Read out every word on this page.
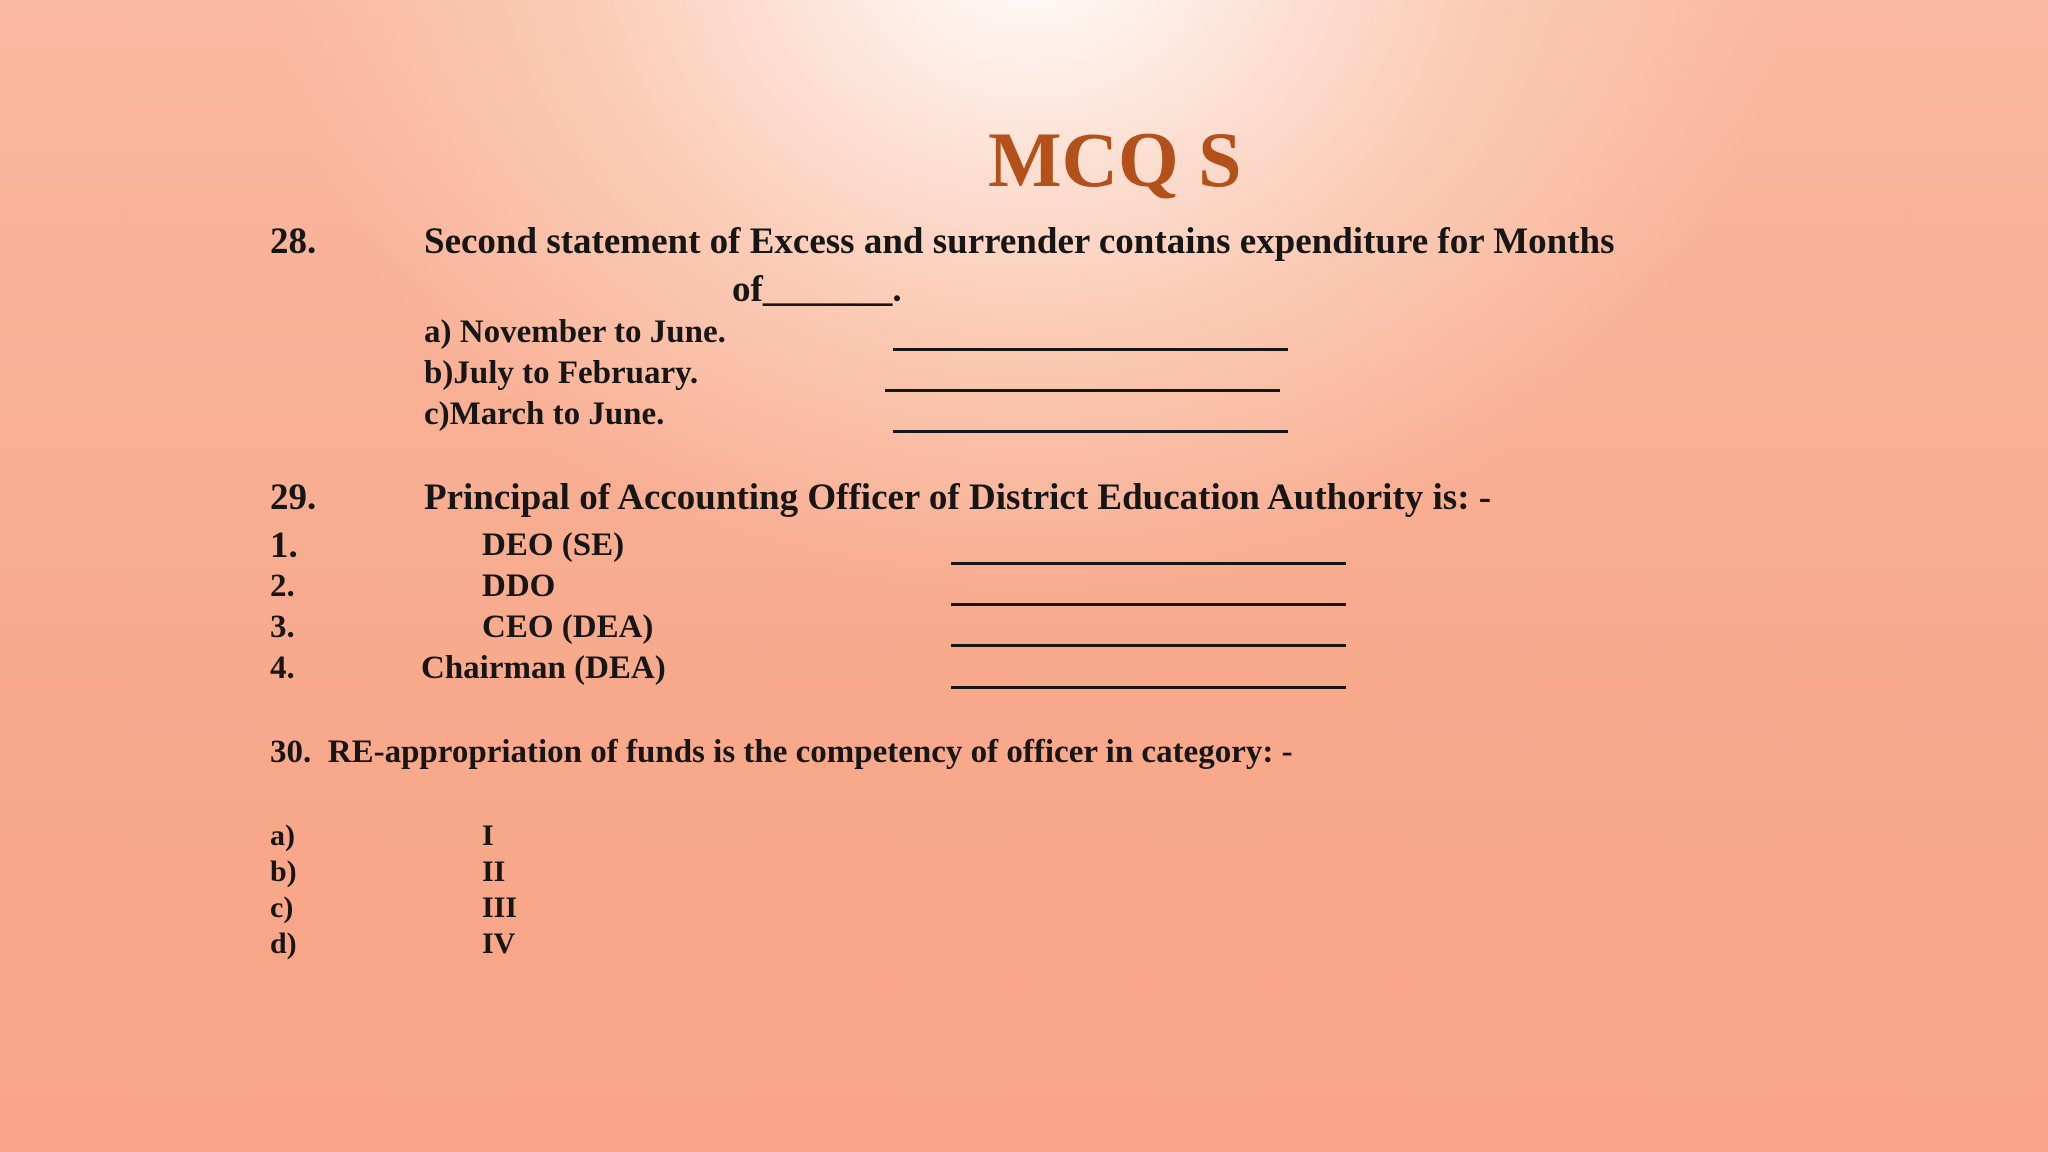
MCQ S
28.	Second statement of Excess and surrender contains expenditure for Months
of_______.
a) November to June.
b)July to February.
c)March to June.
29.	Principal of Accounting Officer of District Education Authority is: -
1.	DEO (SE)
2.	DDO
3.	CEO (DEA)
4.	Chairman (DEA)
30.  RE-appropriation of funds is the competency of officer in category: -
a)	I
b)	II
c)	III
d)	IV
